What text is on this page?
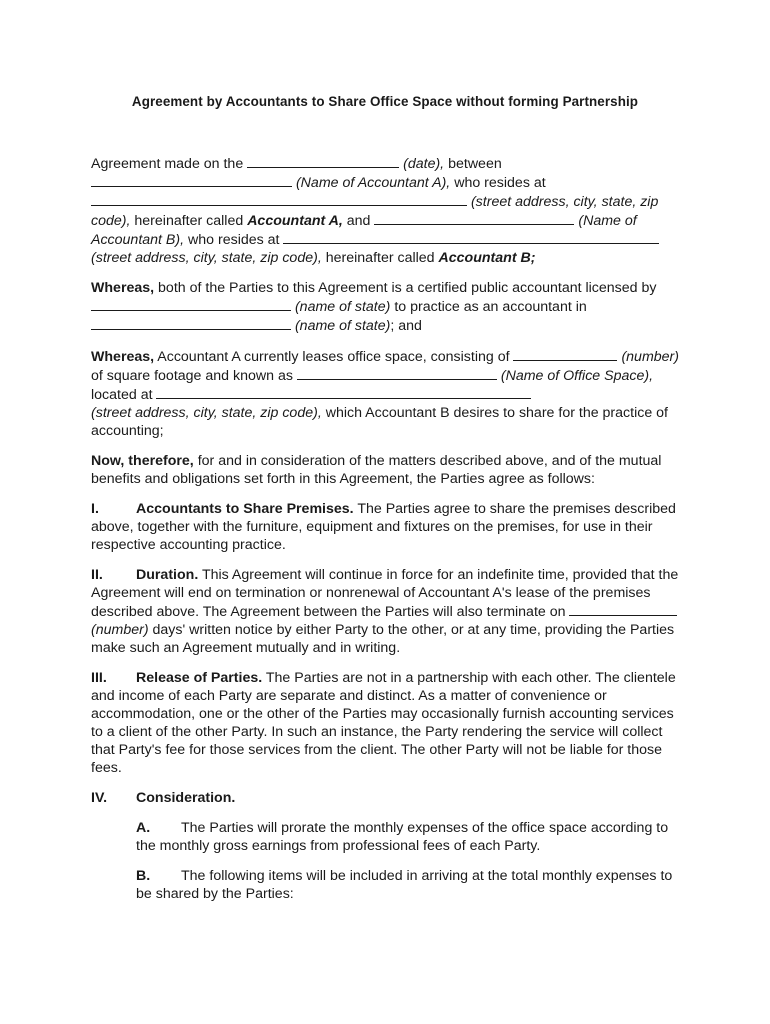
Agreement by Accountants to Share Office Space without forming Partnership

Agreement made on the	(date), between
(Name of Accountant A), who resides at
(street address, city, state, zip code), hereinafter called Accountant A, and	(Name of Accountant B), who resides at
(street address, city, state, zip code), hereinafter called Accountant B;

Whereas, both of the Parties to this Agreement is a certified public accountant licensed by  (name of state) to practice as an accountant in
(name of state); and

Whereas, Accountant A currently leases office space, consisting of	(number) of square footage and known as	(Name of Office Space), located at
(street address, city, state, zip code), which Accountant B desires to share for the practice of accounting;

Now, therefore, for and in consideration of the matters described above, and of the mutual benefits and obligations set forth in this Agreement, the Parties agree as follows:

I.	Accountants to Share Premises. The Parties agree to share the premises described above, together with the furniture, equipment and fixtures on the premises, for use in their respective accounting practice.

II. Duration. This Agreement will continue in force for an indefinite time, provided that the Agreement will end on termination or nonrenewal of Accountant A's lease of the premises described above. The Agreement between the Parties will also terminate on  (number) days' written notice by either Party to the other, or at any time, providing the Parties make such an Agreement mutually and in writing.

III. Release of Parties. The Parties are not in a partnership with each other. The clientele and income of each Party are separate and distinct. As a matter of convenience or accommodation, one or the other of the Parties may occasionally furnish accounting services to a client of the other Party. In such an instance, the Party rendering the service will collect that Party's fee for those services from the client. The other Party will not be liable for those fees.

IV. Consideration.

A. The Parties will prorate the monthly expenses of the office space according to the monthly gross earnings from professional fees of each Party.

B. The following items will be included in arriving at the total monthly expenses to be shared by the Parties:
